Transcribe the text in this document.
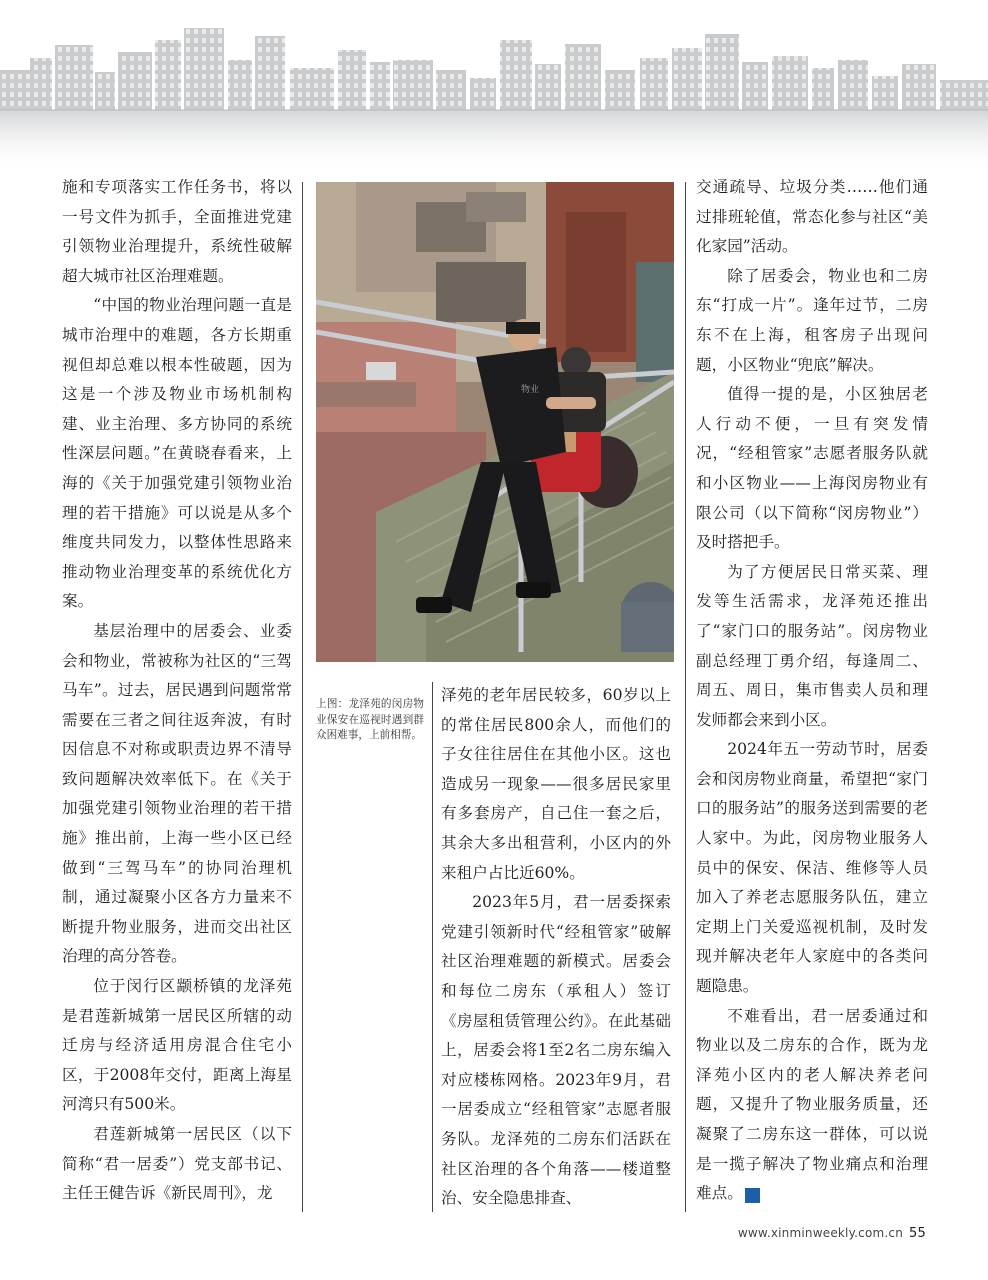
施和专项落实工作任务书，将以一号文件为抓手，全面推进党建引领物业治理提升，系统性破解超大城市社区治理难题。

“中国的物业治理问题一直是城市治理中的难题，各方长期重视但却总难以根本性破题，因为这是一个涉及物业市场机制构建、业主治理、多方协同的系统性深层问题。”在黄晓春看来，上海的《关于加强党建引领物业治理的若干措施》可以说是从多个维度共同发力，以整体性思路来推动物业治理变革的系统优化方案。

基层治理中的居委会、业委会和物业，常被称为社区的“三驾马车”。过去，居民遇到问题常常需要在三者之间往返奔波，有时因信息不对称或职责边界不清导致问题解决效率低下。在《关于加强党建引领物业治理的若干措施》推出前，上海一些小区已经做到“三驾马车”的协同治理机制，通过凝聚小区各方力量来不断提升物业服务，进而交出社区治理的高分答卷。

位于闵行区颛桥镇的龙泽苑是君莲新城第一居民区所辖的动迁房与经济适用房混合住宅小区，于2008年交付，距离上海星河湾只有500米。

君莲新城第一居民区（以下简称“君一居委”）党支部书记、主任王健告诉《新民周刊》，龙

物业
上图：龙泽苑的闵房物业保安在巡视时遇到群众困难事，上前相帮。

泽苑的老年居民较多，60岁以上的常住居民800余人，而他们的子女往往居住在其他小区。这也造成另一现象——很多居民家里有多套房产，自己住一套之后，其余大多出租营利，小区内的外来租户占比近60%。

2023年5月，君一居委探索党建引领新时代“经租管家”破解社区治理难题的新模式。居委会和每位二房东（承租人）签订《房屋租赁管理公约》。在此基础上，居委会将1至2名二房东编入对应楼栋网格。2023年9月，君一居委成立“经租管家”志愿者服务队。龙泽苑的二房东们活跃在社区治理的各个角落——楼道整治、安全隐患排查、

交通疏导、垃圾分类……他们通过排班轮值，常态化参与社区“美化家园”活动。

除了居委会，物业也和二房东“打成一片”。逢年过节，二房东不在上海，租客房子出现问题，小区物业“兜底”解决。

值得一提的是，小区独居老人行动不便，一旦有突发情况，“经租管家”志愿者服务队就和小区物业——上海闵房物业有限公司（以下简称“闵房物业”）及时搭把手。

为了方便居民日常买菜、理发等生活需求，龙泽苑还推出了“家门口的服务站”。闵房物业副总经理丁勇介绍，每逢周二、周五、周日，集市售卖人员和理发师都会来到小区。

2024年五一劳动节时，居委会和闵房物业商量，希望把“家门口的服务站”的服务送到需要的老人家中。为此，闵房物业服务人员中的保安、保洁、维修等人员加入了养老志愿服务队伍，建立定期上门关爱巡视机制，及时发现并解决老年人家庭中的各类问题隐患。

不难看出，君一居委通过和物业以及二房东的合作，既为龙泽苑小区内的老人解决养老问题，又提升了物业服务质量，还凝聚了二房东这一群体，可以说是一揽子解决了物业痛点和治理难点。	民

www.xinminweekly.com.cn 55
